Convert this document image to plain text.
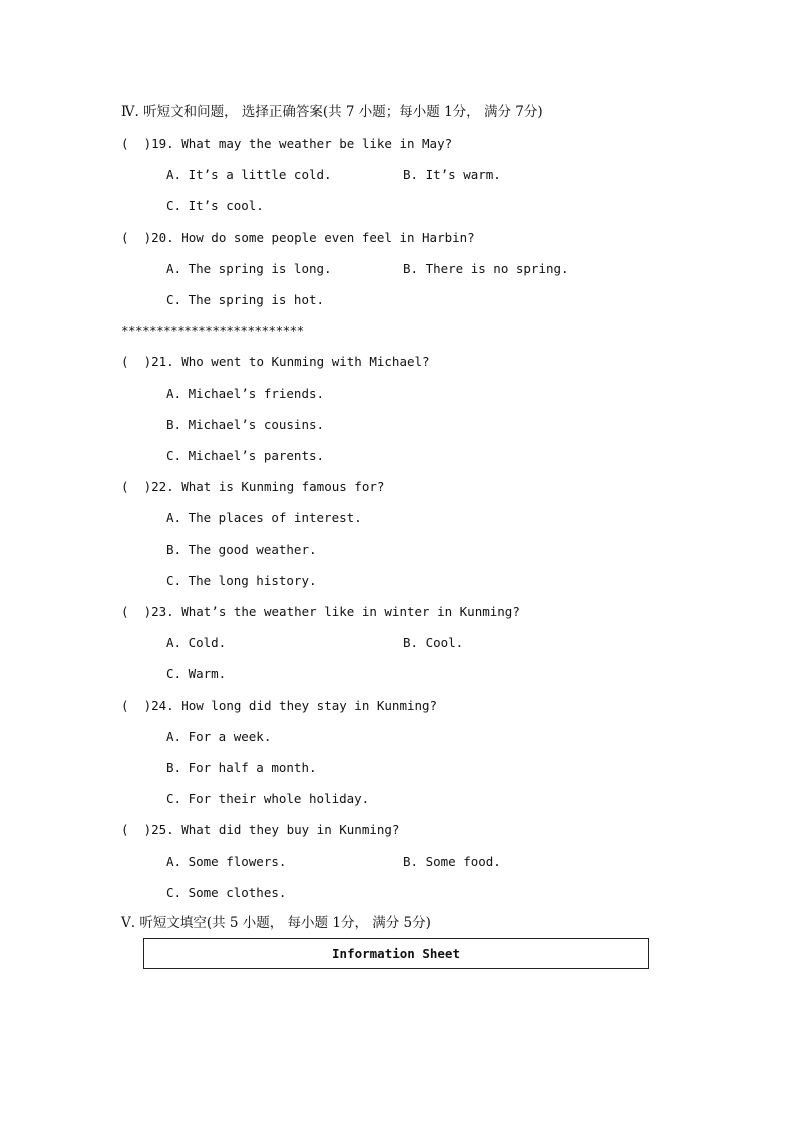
Ⅳ. 听短文和问题， 选择正确答案(共 7 小题；每小题 1分， 满分 7分)
(  )19. What may the weather be like in May?
A. It’s a little cold.	B. It’s warm.
C. It’s cool.
(  )20. How do some people even feel in Harbin?
A. The spring is long.	B. There is no spring.
C. The spring is hot.
**************************
(  )21. Who went to Kunming with Michael?
A. Michael’s friends.
B. Michael’s cousins.
C. Michael’s parents.
(  )22. What is Kunming famous for?
A. The places of interest.
B. The good weather.
C. The long history.
(  )23. What’s the weather like in winter in Kunming?
A. Cold.	B. Cool.
C. Warm.
(  )24. How long did they stay in Kunming?
A. For a week.
B. For half a month.
C. For their whole holiday.
(  )25. What did they buy in Kunming?
A. Some flowers.	B. Some food.
C. Some clothes.
Ⅴ. 听短文填空(共 5 小题， 每小题 1分， 满分 5分)
Information Sheet
